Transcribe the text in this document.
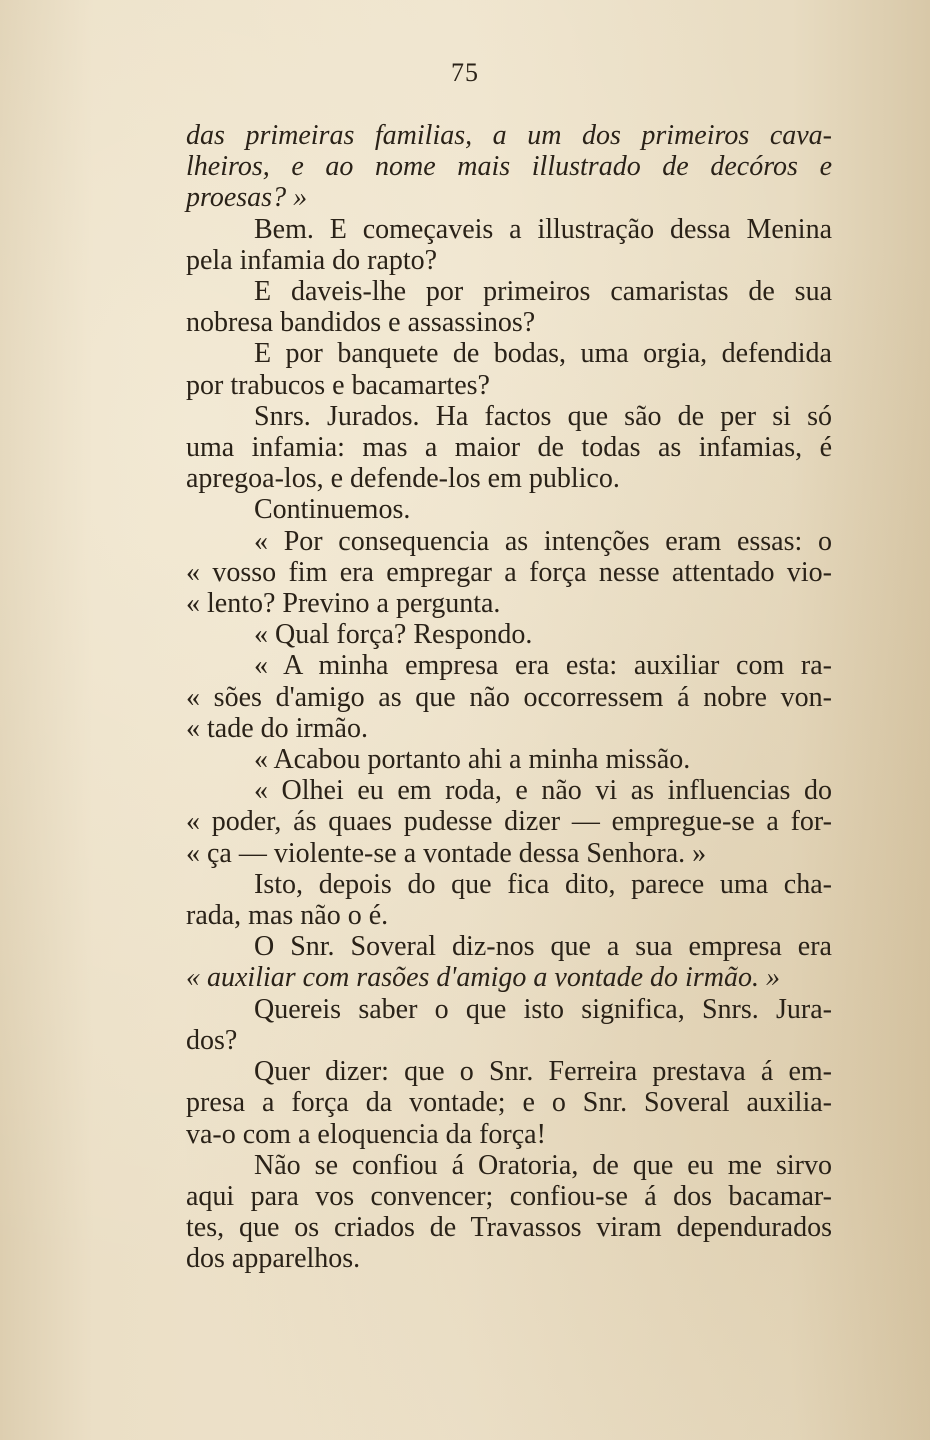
75
das primeiras familias, a um dos primeiros cava-
lheiros, e ao nome mais illustrado de decóros e
proesas? »
Bem. E começaveis a illustração dessa Menina
pela infamia do rapto?
E daveis-lhe por primeiros camaristas de sua
nobresa bandidos e assassinos?
E por banquete de bodas, uma orgia, defendida
por trabucos e bacamartes?
Snrs. Jurados. Ha factos que são de per si só
uma infamia: mas a maior de todas as infamias, é
apregoa-los, e defende-los em publico.
Continuemos.
« Por consequencia as intenções eram essas: o
« vosso fim era empregar a força nesse attentado vio-
« lento? Previno a pergunta.
« Qual força? Respondo.
« A minha empresa era esta: auxiliar com ra-
« sões d'amigo as que não occorressem á nobre von-
« tade do irmão.
« Acabou portanto ahi a minha missão.
« Olhei eu em roda, e não vi as influencias do
« poder, ás quaes pudesse dizer — empregue-se a for-
« ça — violente-se a vontade dessa Senhora. »
Isto, depois do que fica dito, parece uma cha-
rada, mas não o é.
O Snr. Soveral diz-nos que a sua empresa era
« auxiliar com rasões d'amigo a vontade do irmão. »
Quereis saber o que isto significa, Snrs. Jura-
dos?
Quer dizer: que o Snr. Ferreira prestava á em-
presa a força da vontade; e o Snr. Soveral auxilia-
va-o com a eloquencia da força!
Não se confiou á Oratoria, de que eu me sirvo
aqui para vos convencer; confiou-se á dos bacamar-
tes, que os criados de Travassos viram dependurados
dos apparelhos.
